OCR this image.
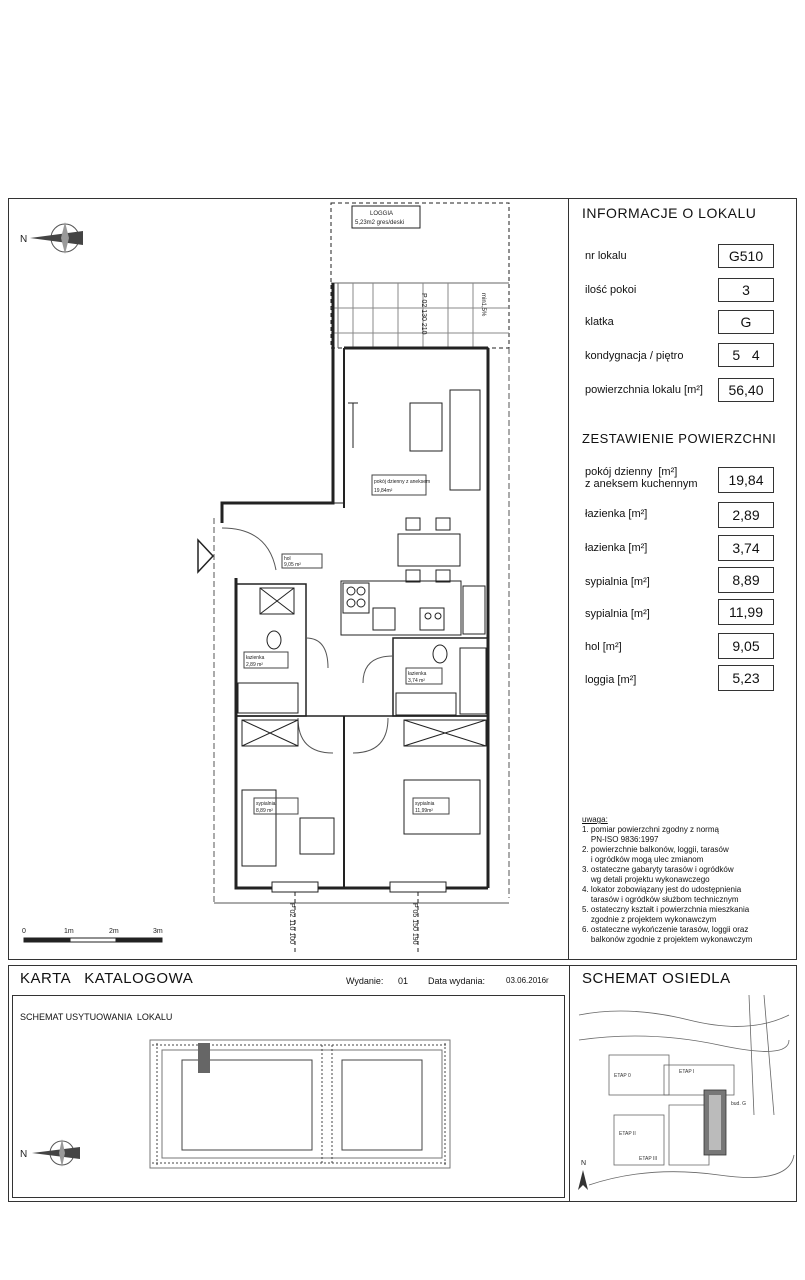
INFORMACJE O LOKALU
nr lokalu	G510
ilość pokoi	3
klatka	G
kondygnacja / piętro	5   4
powierzchnia lokalu [m²]	56,40
ZESTAWIENIE POWIERZCHNI
pokój dzienny  [m²]
z aneksem kuchennym	19,84
łazienka [m²]	2,89
łazienka [m²]	3,74
sypialnia [m²]	8,89
sypialnia [m²]	11,99
hol [m²]	9,05
loggia [m²]	5,23
uwaga:
1. pomiar powierzchni zgodny z normą
PN-ISO 9836:1997
2. powierzchnie balkonów, loggii, tarasów
i ogródków mogą ulec zmianom
3. ostateczne gabaryty tarasów i ogródków
wg detali projektu wykonawczego
4. lokator zobowiązany jest do udostępnienia
tarasów i ogródków służbom technicznym
5. ostateczny kształt i powierzchnia mieszkania
zgodnie z projektem wykonawczym
6. ostateczne wykończenie tarasów, loggii oraz
balkonów zgodnie z projektem wykonawczym
N
pokój dzienny z aneksem
19,84m²
hol
9,05 m²
łazienka
2,89 m²
łazienka
3,74 m²
sypialnia
8,89 m²
sypialnia
11,99m²
LOGGIA
5,23m2 gres/deski
min1,5%
P 02 130 210
P 02 110 100	P 05 150 190
0	1m	2m	3m
KARTA   KATALOGOWA	Wydanie: 01 Data wydania:	03.06.2016r SCHEMAT OSIEDLA
SCHEMAT USYTUOWANIA  LOKALU
N
ETAP 0
ETAP I
ETAP II
ETAP III
bud. G
N
